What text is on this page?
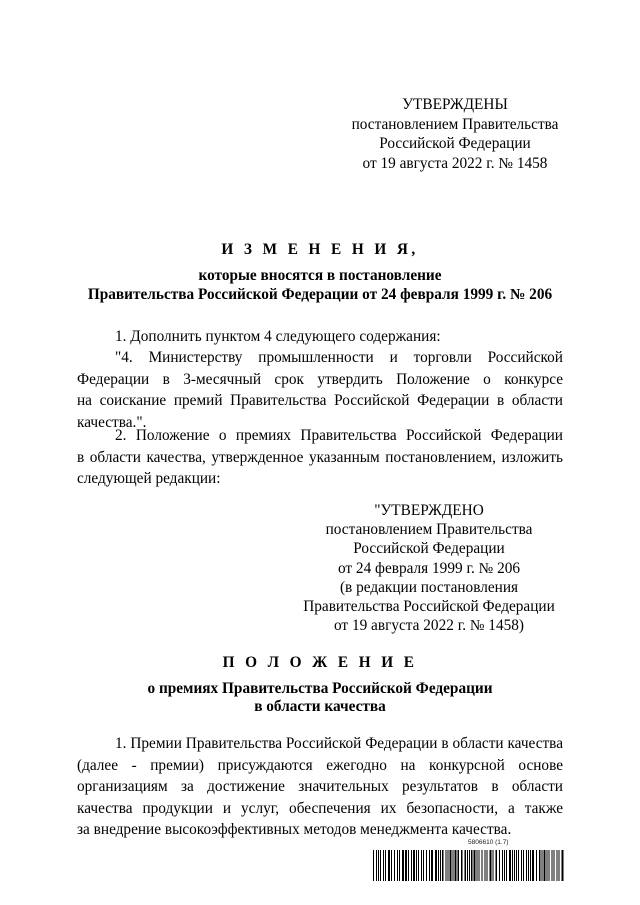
УТВЕРЖДЕНЫ
постановлением Правительства
Российской Федерации
от 19 августа 2022 г. № 1458
И З М Е Н Е Н И Я,
которые вносятся в постановление
Правительства Российской Федерации от 24 февраля 1999 г. № 206
1. Дополнить пунктом 4 следующего содержания:
"4. Министерству промышленности и торговли Российской
Федерации в 3-месячный срок утвердить Положение о конкурсе
на соискание премий Правительства Российской Федерации в области
качества.".
2. Положение о премиях Правительства Российской Федерации
в области качества, утвержденное указанным постановлением, изложить
следующей редакции:
"УТВЕРЖДЕНО
постановлением Правительства
Российской Федерации
от 24 февраля 1999 г. № 206
(в редакции постановления
Правительства Российской Федерации
от 19 августа 2022 г. № 1458)
П О Л О Ж Е Н И Е
о премиях Правительства Российской Федерации
в области качества
1. Премии Правительства Российской Федерации в области качества
(далее - премии) присуждаются ежегодно на конкурсной основе
организациям за достижение значительных результатов в области
качества продукции и услуг, обеспечения их безопасности, а также
за внедрение высокоэффективных методов менеджмента качества.
5806610 (1.7)
